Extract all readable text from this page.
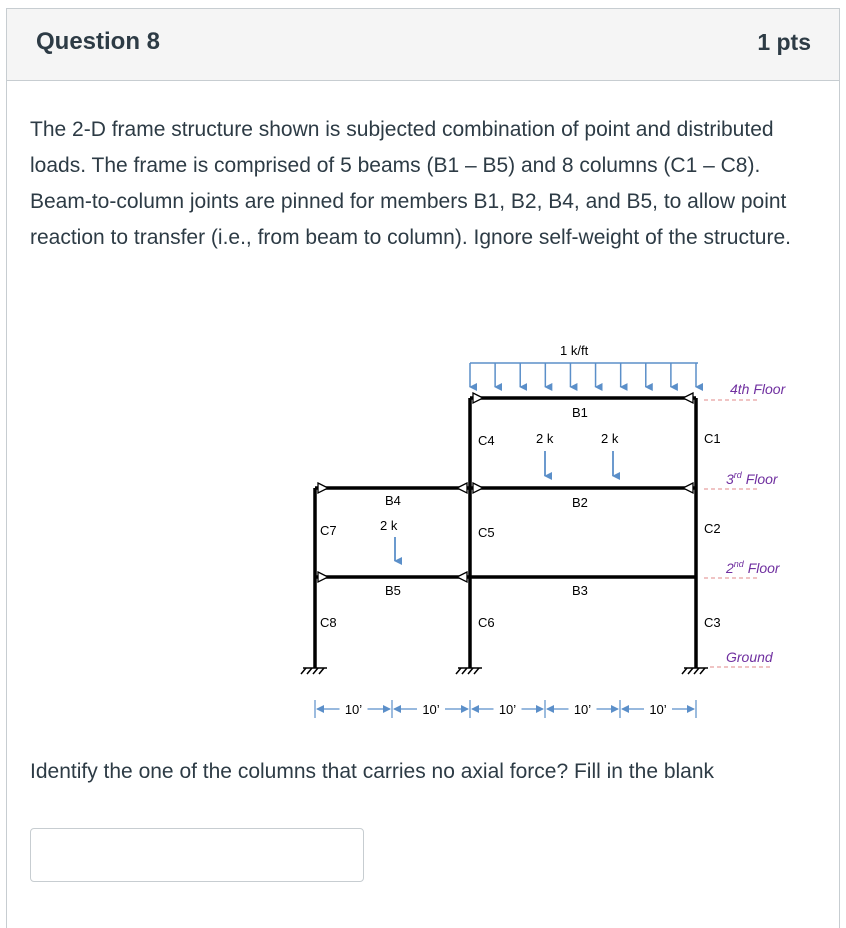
Question 8	1 pts

The 2-D frame structure shown is subjected combination of point and distributed loads. The frame is comprised of 5 beams (B1 – B5) and 8 columns (C1 – C8). Beam-to-column joints are pinned for members B1, B2, B4, and B5, to allow point reaction to transfer (i.e., from beam to column). Ignore self-weight of the structure.

1 k/ft
2 k
2 k	2 k
B1
B2
B3
B4
B5
C1
C2
C3
C4
C5
C6
C7
C8
4th Floor
3rd Floor
2nd Floor
Ground
10’	10’	10’	10’	10’

Identify the one of the columns that carries no axial force? Fill in the blank
